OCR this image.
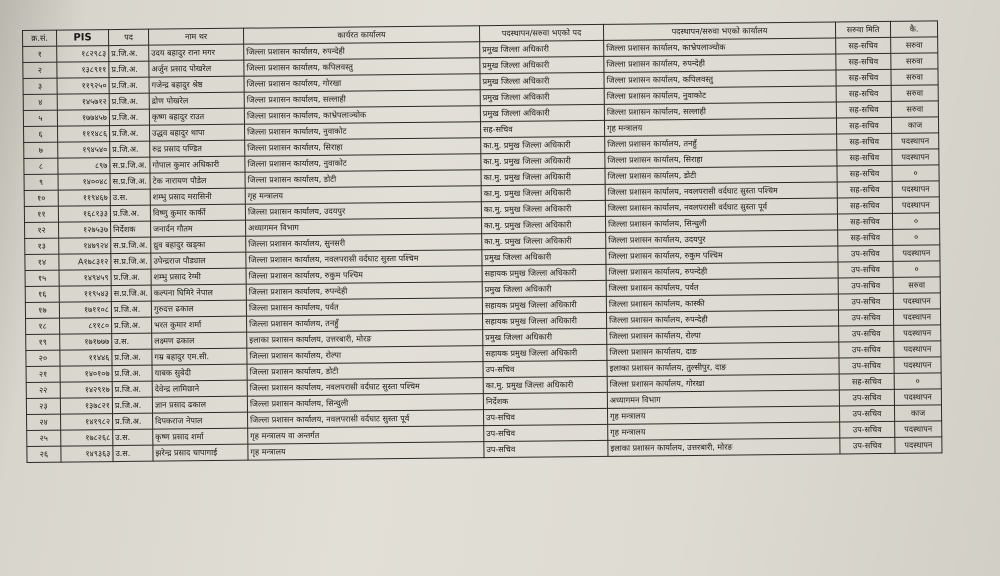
क्र.सं.	PIS	पद	नाम थर	कार्यरत कार्यालय	पदस्थापन/सरुवा भएको पद	पदस्थापन/सरुवा भएको कार्यालय	सरुवा मिति	कै.
१	१८२९८३	प्र.जि.अ.	उदय बहादुर राना मगर	जिल्ला प्रशासन कार्यालय, रुपन्देही	प्रमुख जिल्ला अधिकारी	जिल्ला प्रशासन कार्यालय, काभ्रेपलाञ्चोक	सह-सचिव	सरुवा
२	१३८९११	प्र.जि.अ.	अर्जुन प्रसाद पोखरेल	जिल्ला प्रशासन कार्यालय, कपिलवस्तु	प्रमुख जिल्ला अधिकारी	जिल्ला प्रशासन कार्यालय, रुपन्देही	सह-सचिव	सरुवा
३	११९२५०	प्र.जि.अ.	गजेन्द्र बहादुर श्रेष्ठ	जिल्ला प्रशासन कार्यालय, गोरखा	प्रमुख जिल्ला अधिकारी	जिल्ला प्रशासन कार्यालय, कपिलवस्तु	सह-सचिव	सरुवा
४	१४५७१२	प्र.जि.अ.	द्रोण पोखरेल	जिल्ला प्रशासन कार्यालय, सल्लाही	प्रमुख जिल्ला अधिकारी	जिल्ला प्रशासन कार्यालय, नुवाकोट	सह-सचिव	सरुवा
५	१७७४५७	प्र.जि.अ.	कृष्ण बहादुर राउत	जिल्ला प्रशासन कार्यालय, काभ्रेपलाञ्चोक	प्रमुख जिल्ला अधिकारी	जिल्ला प्रशासन कार्यालय, सल्लाही	सह-सचिव	सरुवा
६	१११४८६	प्र.जि.अ.	उद्धव बहादुर थापा	जिल्ला प्रशासन कार्यालय, नुवाकोट	सह-सचिव	गृह मन्त्रालय	सह-सचिव	काज
७	१९४५४०	प्र.जि.अ.	रुद्र प्रसाद पण्डित	जिल्ला प्रशासन कार्यालय, सिराहा	का.मु. प्रमुख जिल्ला अधिकारी	जिल्ला प्रशासन कार्यालय, तनहुँ	सह-सचिव	पदस्थापन
८	८९७	स.प्र.जि.अ.	गोपाल कुमार अधिकारी	जिल्ला प्रशासन कार्यालय, नुवाकोट	का.मु. प्रमुख जिल्ला अधिकारी	जिल्ला प्रशासन कार्यालय, सिराहा	सह-सचिव	पदस्थापन
९	१४००४८	स.प्र.जि.अ.	टेक नारायण पौडेल	जिल्ला प्रशासन कार्यालय, डोटी	का.मु. प्रमुख जिल्ला अधिकारी	जिल्ला प्रशासन कार्यालय, डोटी	सह-सचिव	०
१०	११९४६७	उ.स.	शम्भु प्रसाद मरासिनी	गृह मन्त्रालय	का.मु. प्रमुख जिल्ला अधिकारी	जिल्ला प्रशासन कार्यालय, नवलपरासी वर्दघाट सुस्ता पश्चिम	सह-सचिव	पदस्थापन
११	१६८१३३	प्र.जि.अ.	विष्णु कुमार कार्की	जिल्ला प्रशासन कार्यालय, उदयपुर	का.मु. प्रमुख जिल्ला अधिकारी	जिल्ला प्रशासन कार्यालय, नवलपरासी वर्दघाट सुस्ता पूर्व	सह-सचिव	पदस्थापन
१२	१२७५३७	निर्देशक	जनार्दन गौतम	अध्यागमन विभाग	का.मु. प्रमुख जिल्ला अधिकारी	जिल्ला प्रशासन कार्यालय, सिन्धुली	सह-सचिव	०
१३	१४७९२४	स.प्र.जि.अ.	ध्रुव बहादुर खड्का	जिल्ला प्रशासन कार्यालय, सुनसरी	का.मु. प्रमुख जिल्ला अधिकारी	जिल्ला प्रशासन कार्यालय, उदयपुर	सह-सचिव	०
१४	A१७८३१२	स.प्र.जि.अ.	उपेन्द्रराज पौड्याल	जिल्ला प्रशासन कार्यालय, नवलपरासी वर्दघाट सुस्ता पश्चिम	प्रमुख जिल्ला अधिकारी	जिल्ला प्रशासन कार्यालय, रुकुम पश्चिम	उप-सचिव	पदस्थापन
१५	१४९४५९	प्र.जि.अ.	शम्भु प्रसाद रेग्मी	जिल्ला प्रशासन कार्यालय, रुकुम पश्चिम	सहायक प्रमुख जिल्ला अधिकारी	जिल्ला प्रशासन कार्यालय, रुपन्देही	उप-सचिव	०
१६	११९५४३	स.प्र.जि.अ.	कल्पना घिमिरे नेपाल	जिल्ला प्रशासन कार्यालय, रुपन्देही	प्रमुख जिल्ला अधिकारी	जिल्ला प्रशासन कार्यालय, पर्वत	उप-सचिव	सरुवा
१७	१७११०८	प्र.जि.अ.	गुरुदत्त ढकाल	जिल्ला प्रशासन कार्यालय, पर्वत	सहायक प्रमुख जिल्ला अधिकारी	जिल्ला प्रशासन कार्यालय, कास्की	उप-सचिव	पदस्थापन
१८	८११८०	प्र.जि.अ.	भरत कुमार शर्मा	जिल्ला प्रशासन कार्यालय, तनहुँ	सहायक प्रमुख जिल्ला अधिकारी	जिल्ला प्रशासन कार्यालय, रुपन्देही	उप-सचिव	पदस्थापन
१९	१७१७७७	उ.स.	लक्ष्मण ढकाल	इलाका प्रशासन कार्यालय, उत्तरबारी, मोरङ	प्रमुख जिल्ला अधिकारी	जिल्ला प्रशासन कार्यालय, रोल्पा	उप-सचिव	पदस्थापन
२०	११४४६	प्र.जि.अ.	गम्र बहादुर एम.सी.	जिल्ला प्रशासन कार्यालय, रोल्पा	सहायक प्रमुख जिल्ला अधिकारी	जिल्ला प्रशासन कार्यालय, दाङ	उप-सचिव	पदस्थापन
२१	१४०१०७	प्र.जि.अ.	याबक सुबेदी	जिल्ला प्रशासन कार्यालय, डोटी	उप-सचिव	इलाका प्रशासन कार्यालय, तुल्सीपुर, दाङ	उप-सचिव	पदस्थापन
२२	१४२९१७	प्र.जि.अ.	देवेन्द्र लामिछाने	जिल्ला प्रशासन कार्यालय, नवलपरासी वर्दघाट सुस्ता पश्चिम	का.मु. प्रमुख जिल्ला अधिकारी	जिल्ला प्रशासन कार्यालय, गोरखा	सह-सचिव	०
२३	१३७८२१	प्र.जि.अ.	ज्ञान प्रसाद ढकाल	जिल्ला प्रशासन कार्यालय, सिन्धुली	निर्देशक	अध्यागमन विभाग	उप-सचिव	पदस्थापन
२४	१४१९८२	प्र.जि.अ.	दिपकराज नेपाल	जिल्ला प्रशासन कार्यालय, नवलपरासी वर्दघाट सुस्ता पूर्व	उप-सचिव	गृह मन्त्रालय	उप-सचिव	काज
२५	१७८२६८	उ.स.	कृष्ण प्रसाद शर्मा	गृह मन्त्रालय वा अन्तर्गत	उप-सचिव	गृह मन्त्रालय	उप-सचिव	पदस्थापन
२६	१४९३६३	उ.स.	झरेन्द्र प्रसाद चापागाई	गृह मन्त्रालय	उप-सचिव	इलाका प्रशासन कार्यालय, उत्तरबारी, मोरङ	उप-सचिव	पदस्थापन
